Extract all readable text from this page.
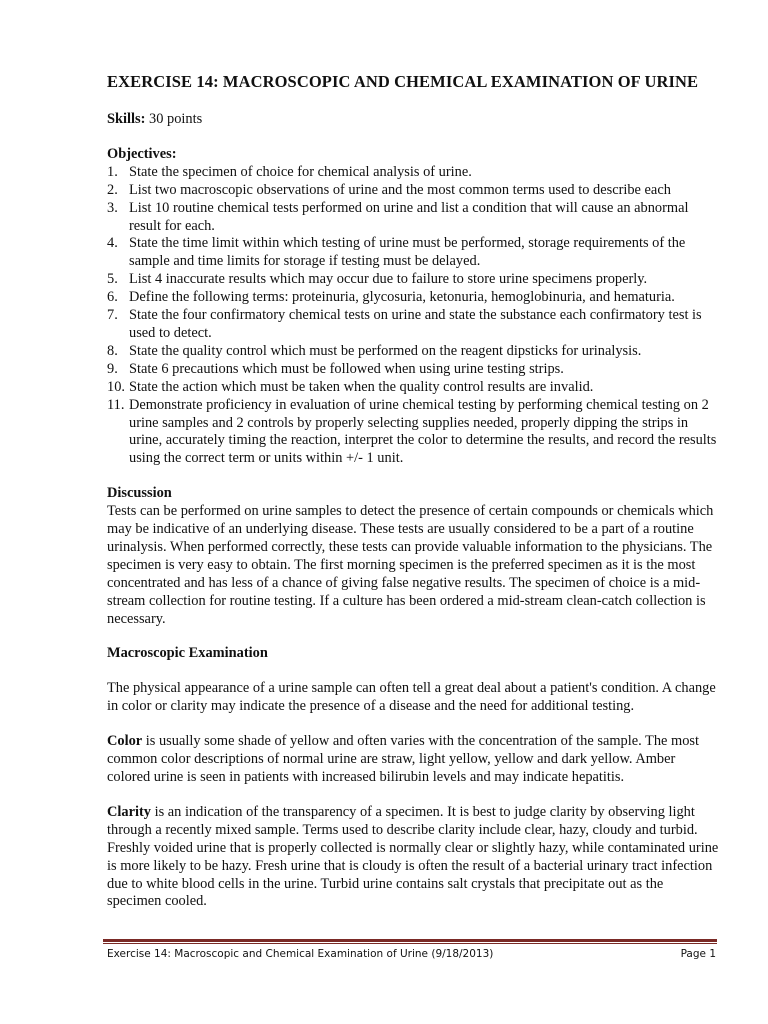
EXERCISE 14: MACROSCOPIC AND CHEMICAL EXAMINATION OF URINE

Skills: 30 points

Objectives:

1. State the specimen of choice for chemical analysis of urine.
2. List two macroscopic observations of urine and the most common terms used to describe each
3. List 10 routine chemical tests performed on urine and list a condition that will cause an abnormal result for each.
4. State the time limit within which testing of urine must be performed, storage requirements of the sample and time limits for storage if testing must be delayed.
5. List 4 inaccurate results which may occur due to failure to store urine specimens properly.
6. Define the following terms: proteinuria, glycosuria, ketonuria, hemoglobinuria, and hematuria.
7. State the four confirmatory chemical tests on urine and state the substance each confirmatory test is used to detect.
8. State the quality control which must be performed on the reagent dipsticks for urinalysis.
9. State 6 precautions which must be followed when using urine testing strips.
10. State the action which must be taken when the quality control results are invalid.
11. Demonstrate proficiency in evaluation of urine chemical testing by performing chemical testing on 2 urine samples and 2 controls by properly selecting supplies needed, properly dipping the strips in urine, accurately timing the reaction, interpret the color to determine the results, and record the results using the correct term or units within +/- 1 unit.

Discussion

Tests can be performed on urine samples to detect the presence of certain compounds or chemicals which may be indicative of an underlying disease. These tests are usually considered to be a part of a routine urinalysis. When performed correctly, these tests can provide valuable information to the physicians. The specimen is very easy to obtain. The first morning specimen is the preferred specimen as it is the most concentrated and has less of a chance of giving false negative results. The specimen of choice is a mid-stream collection for routine testing. If a culture has been ordered a mid-stream clean-catch collection is necessary.

Macroscopic Examination

The physical appearance of a urine sample can often tell a great deal about a patient's condition. A change in color or clarity may indicate the presence of a disease and the need for additional testing.

Color is usually some shade of yellow and often varies with the concentration of the sample. The most common color descriptions of normal urine are straw, light yellow, yellow and dark yellow. Amber colored urine is seen in patients with increased bilirubin levels and may indicate hepatitis.

Clarity is an indication of the transparency of a specimen. It is best to judge clarity by observing light through a recently mixed sample. Terms used to describe clarity include clear, hazy, cloudy and turbid. Freshly voided urine that is properly collected is normally clear or slightly hazy, while contaminated urine is more likely to be hazy. Fresh urine that is cloudy is often the result of a bacterial urinary tract infection due to white blood cells in the urine. Turbid urine contains salt crystals that precipitate out as the specimen cooled.

Exercise 14: Macroscopic and Chemical Examination of Urine (9/18/2013)	Page 1
